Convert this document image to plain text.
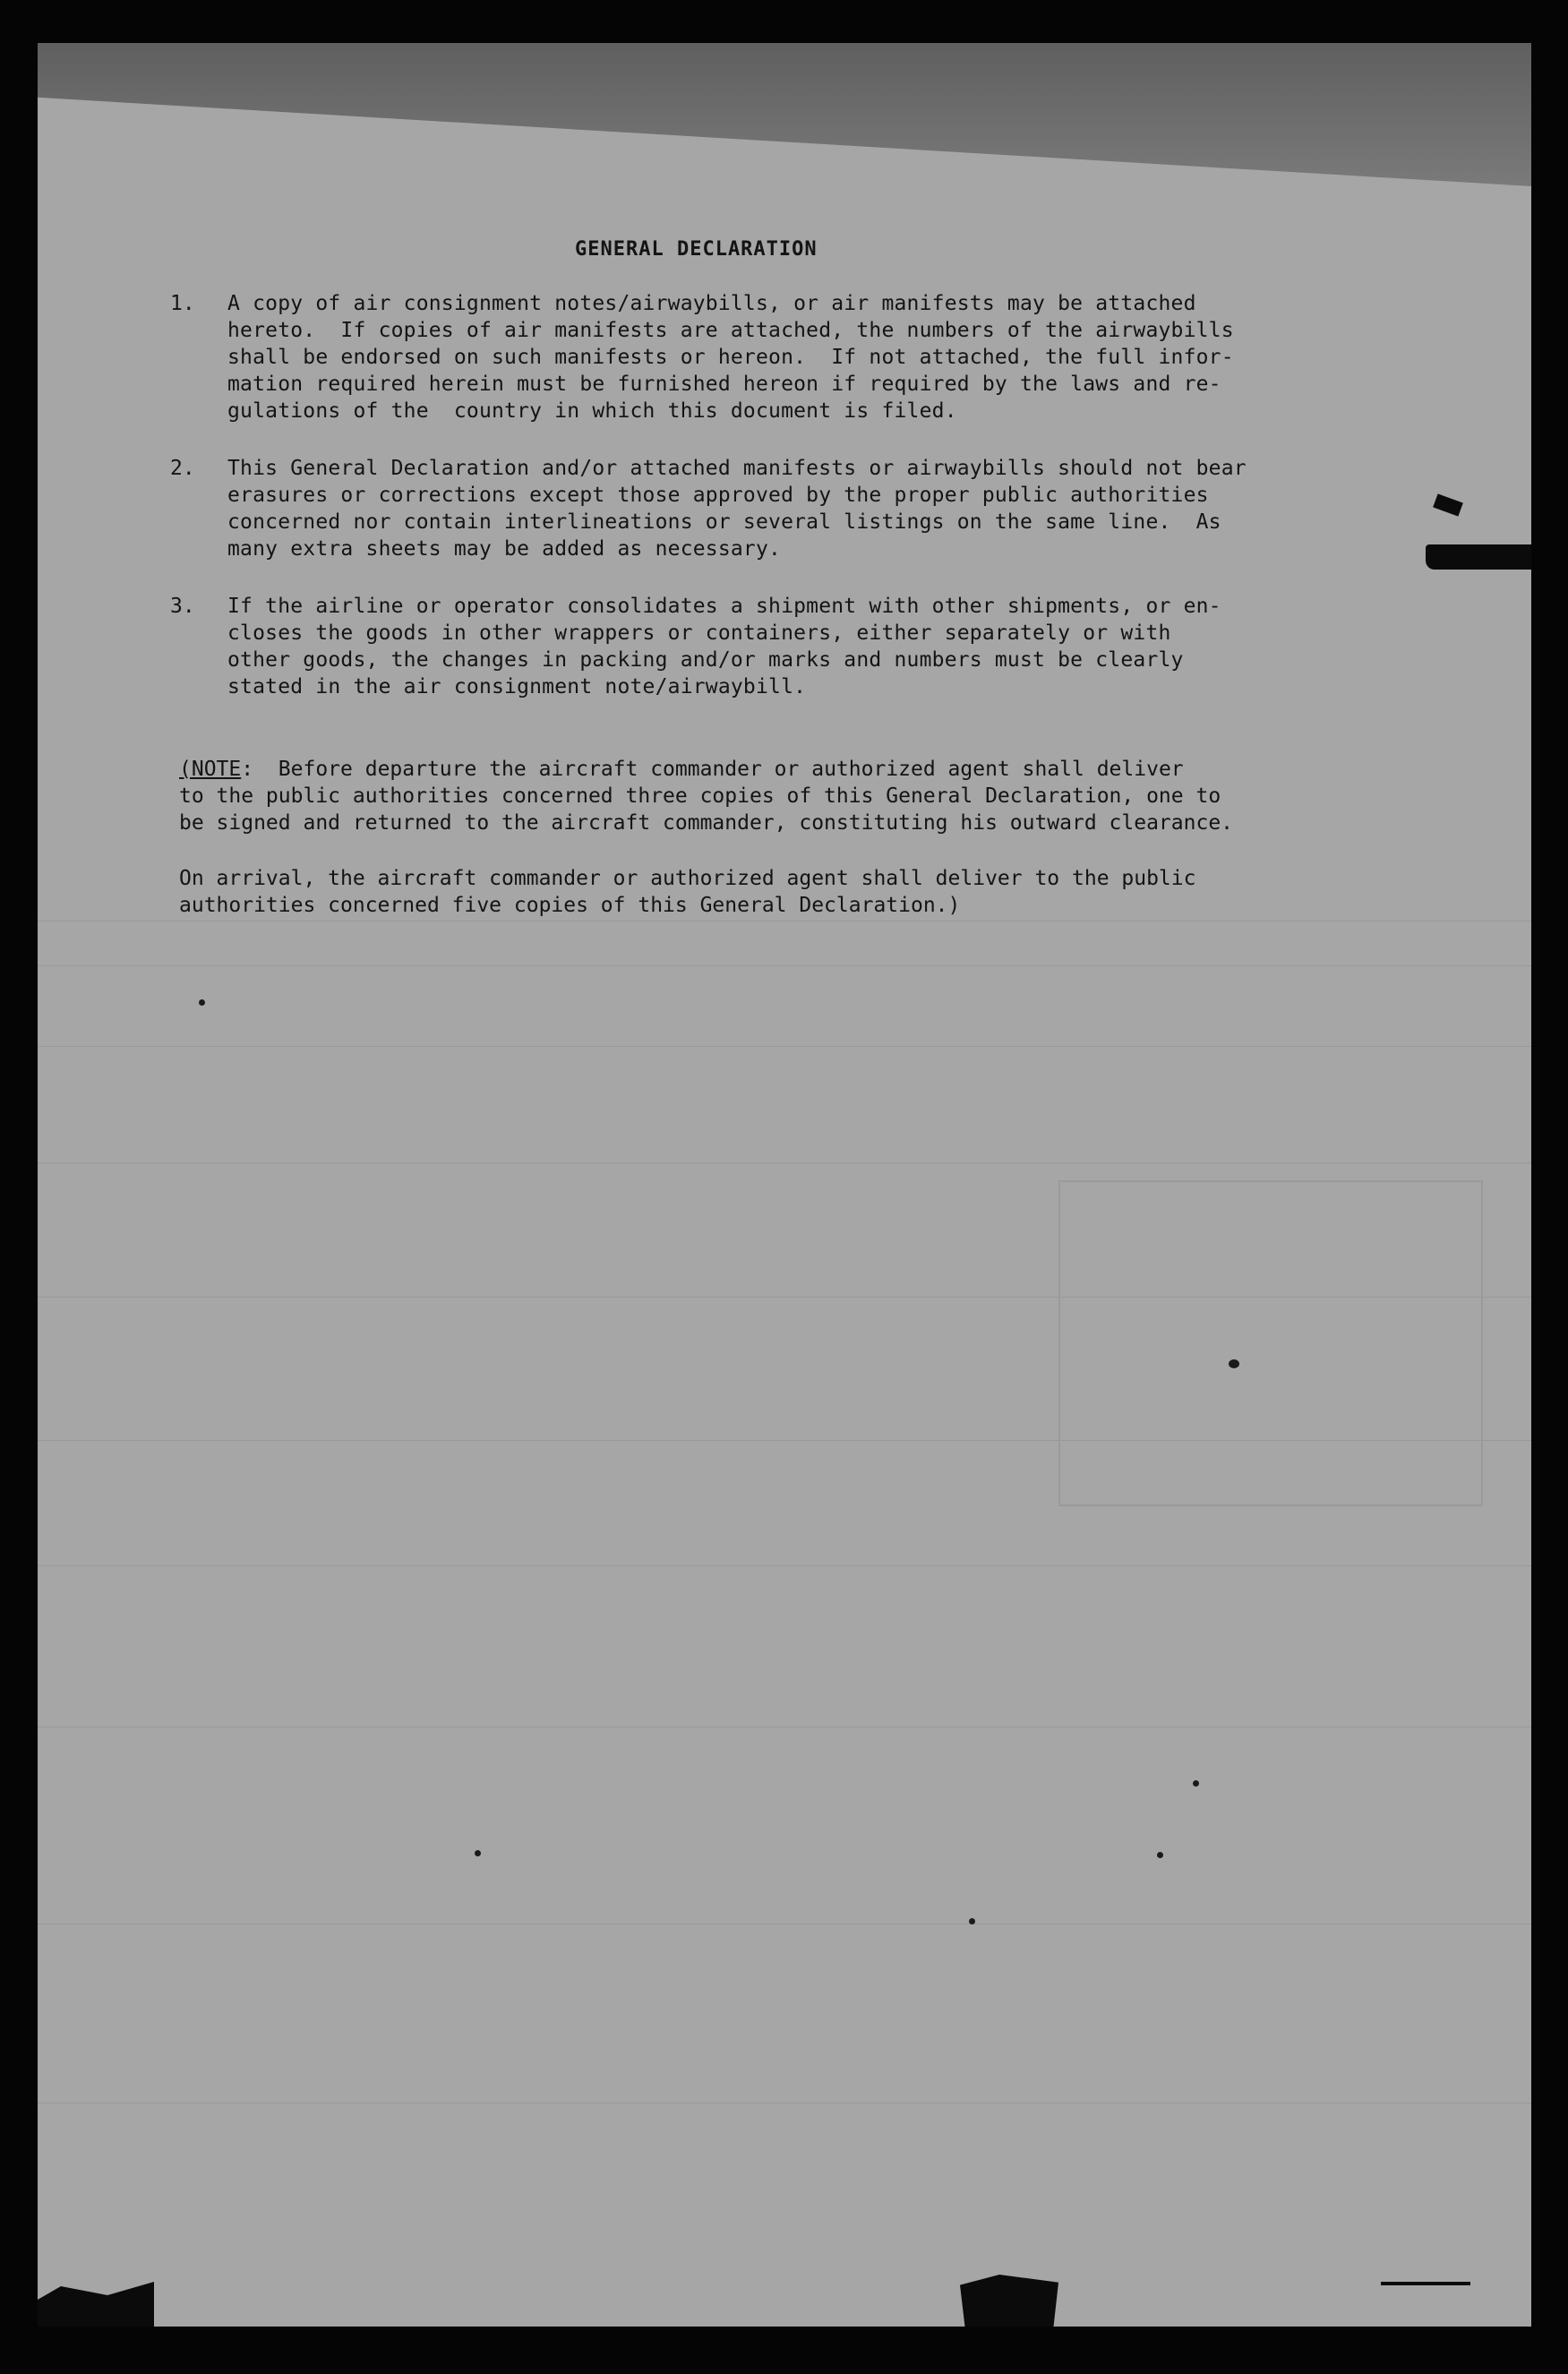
GENERAL DECLARATION
1. A copy of air consignment notes/airwaybills, or air manifests may be attached
hereto.  If copies of air manifests are attached, the numbers of the airwaybills
shall be endorsed on such manifests or hereon.  If not attached, the full infor-
mation required herein must be furnished hereon if required by the laws and re-
gulations of the  country in which this document is filed.
2. This General Declaration and/or attached manifests or airwaybills should not bear
erasures or corrections except those approved by the proper public authorities
concerned nor contain interlineations or several listings on the same line.  As
many extra sheets may be added as necessary.
3. If the airline or operator consolidates a shipment with other shipments, or en-
closes the goods in other wrappers or containers, either separately or with
other goods, the changes in packing and/or marks and numbers must be clearly
stated in the air consignment note/airwaybill.
(NOTE:  Before departure the aircraft commander or authorized agent shall deliver
to the public authorities concerned three copies of this General Declaration, one to
be signed and returned to the aircraft commander, constituting his outward clearance.
On arrival, the aircraft commander or authorized agent shall deliver to the public
authorities concerned five copies of this General Declaration.)
